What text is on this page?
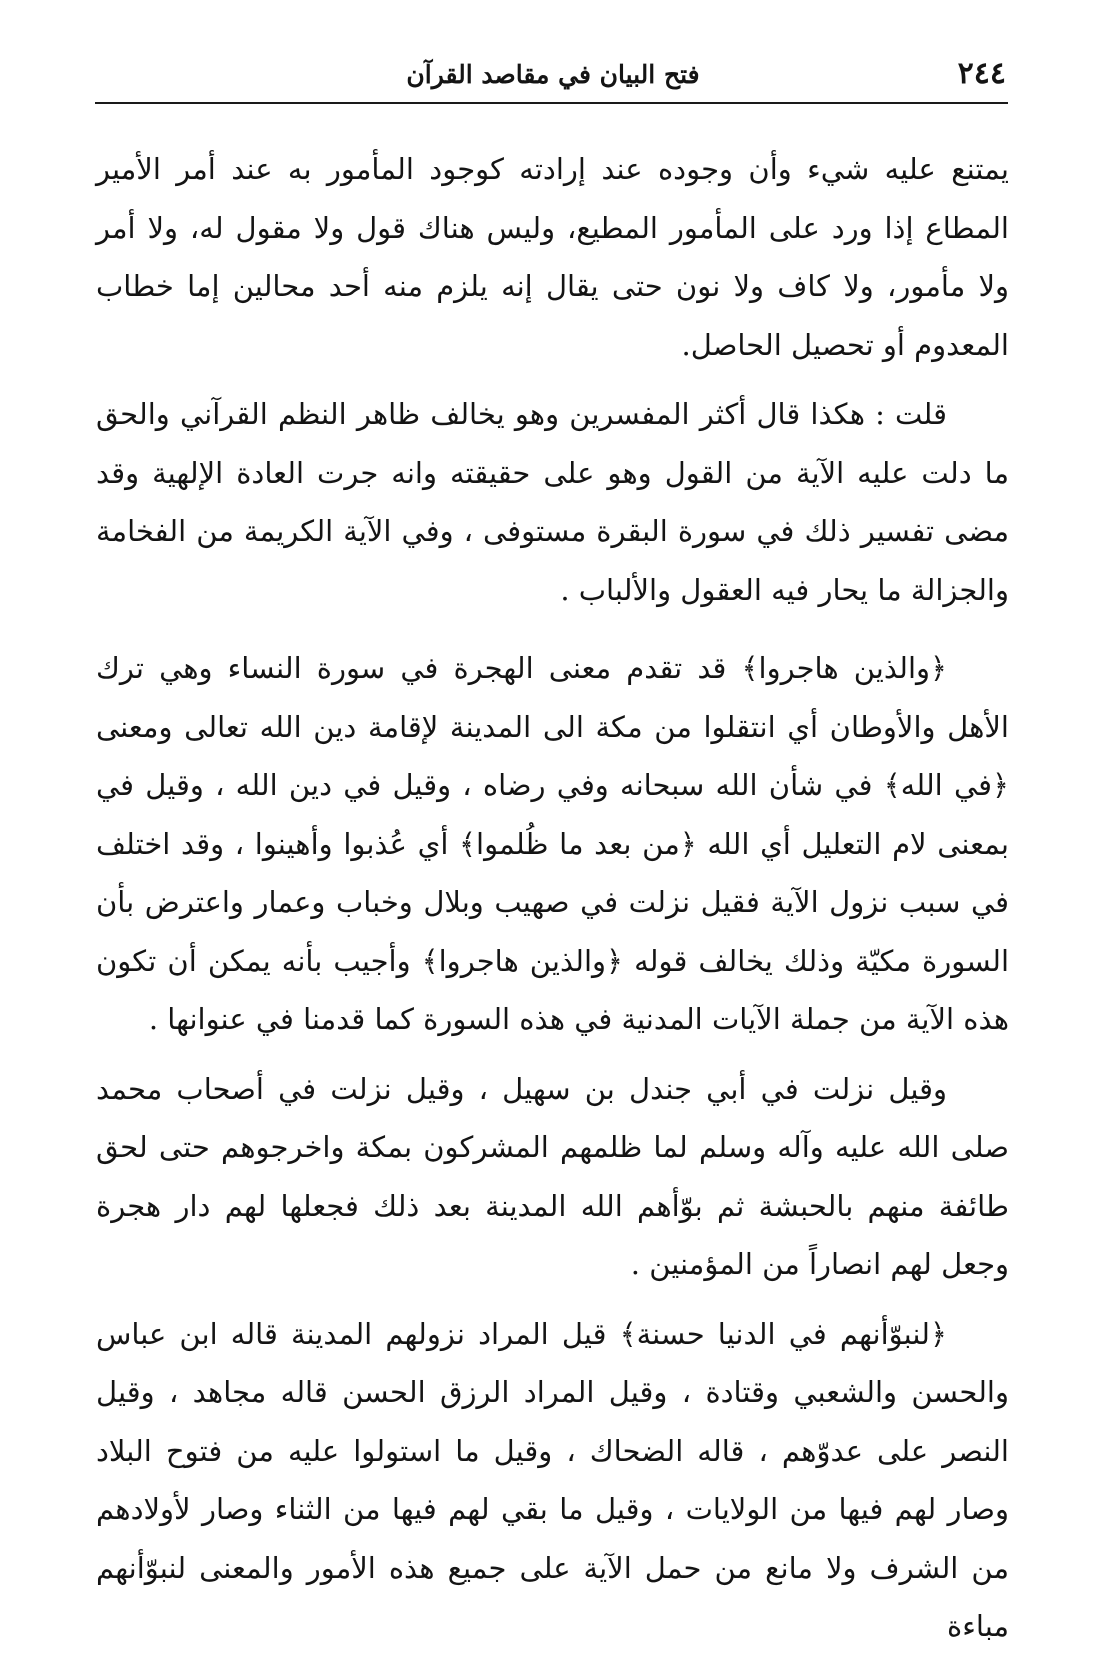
٢٤٤
فتح البيان في مقاصد القرآن

يمتنع عليه شيء وأن وجوده عند إرادته كوجود المأمور به عند أمر الأمير المطاع إذا ورد على المأمور المطيع، وليس هناك قول ولا مقول له، ولا أمر ولا مأمور، ولا كاف ولا نون حتى يقال إنه يلزم منه أحد محالين إما خطاب المعدوم أو تحصيل الحاصل.

قلت : هكذا قال أكثر المفسرين وهو يخالف ظاهر النظم القرآني والحق ما دلت عليه الآية من القول وهو على حقيقته وانه جرت العادة الإلهية وقد مضى تفسير ذلك في سورة البقرة مستوفى ، وفي الآية الكريمة من الفخامة والجزالة ما يحار فيه العقول والألباب .

﴿والذين هاجروا﴾ قد تقدم معنى الهجرة في سورة النساء وهي ترك الأهل والأوطان أي انتقلوا من مكة الى المدينة لإقامة دين الله تعالى ومعنى ﴿في الله﴾ في شأن الله سبحانه وفي رضاه ، وقيل في دين الله ، وقيل في بمعنى لام التعليل أي الله ﴿من بعد ما ظُلموا﴾ أي عُذبوا وأهينوا ، وقد اختلف في سبب نزول الآية فقيل نزلت في صهيب وبلال وخباب وعمار واعترض بأن السورة مكيّة وذلك يخالف قوله ﴿والذين هاجروا﴾ وأجيب بأنه يمكن أن تكون هذه الآية من جملة الآيات المدنية في هذه السورة كما قدمنا في عنوانها .

وقيل نزلت في أبي جندل بن سهيل ، وقيل نزلت في أصحاب محمد صلى الله عليه وآله وسلم لما ظلمهم المشركون بمكة واخرجوهم حتى لحق طائفة منهم بالحبشة ثم بوّأهم الله المدينة بعد ذلك فجعلها لهم دار هجرة وجعل لهم انصاراً من المؤمنين .

﴿لنبوّأنهم في الدنيا حسنة﴾ قيل المراد نزولهم المدينة قاله ابن عباس والحسن والشعبي وقتادة ، وقيل المراد الرزق الحسن قاله مجاهد ، وقيل النصر على عدوّهم ، قاله الضحاك ، وقيل ما استولوا عليه من فتوح البلاد وصار لهم فيها من الولايات ، وقيل ما بقي لهم فيها من الثناء وصار لأولادهم من الشرف ولا مانع من حمل الآية على جميع هذه الأمور والمعنى لنبوّأنهم مباءة
